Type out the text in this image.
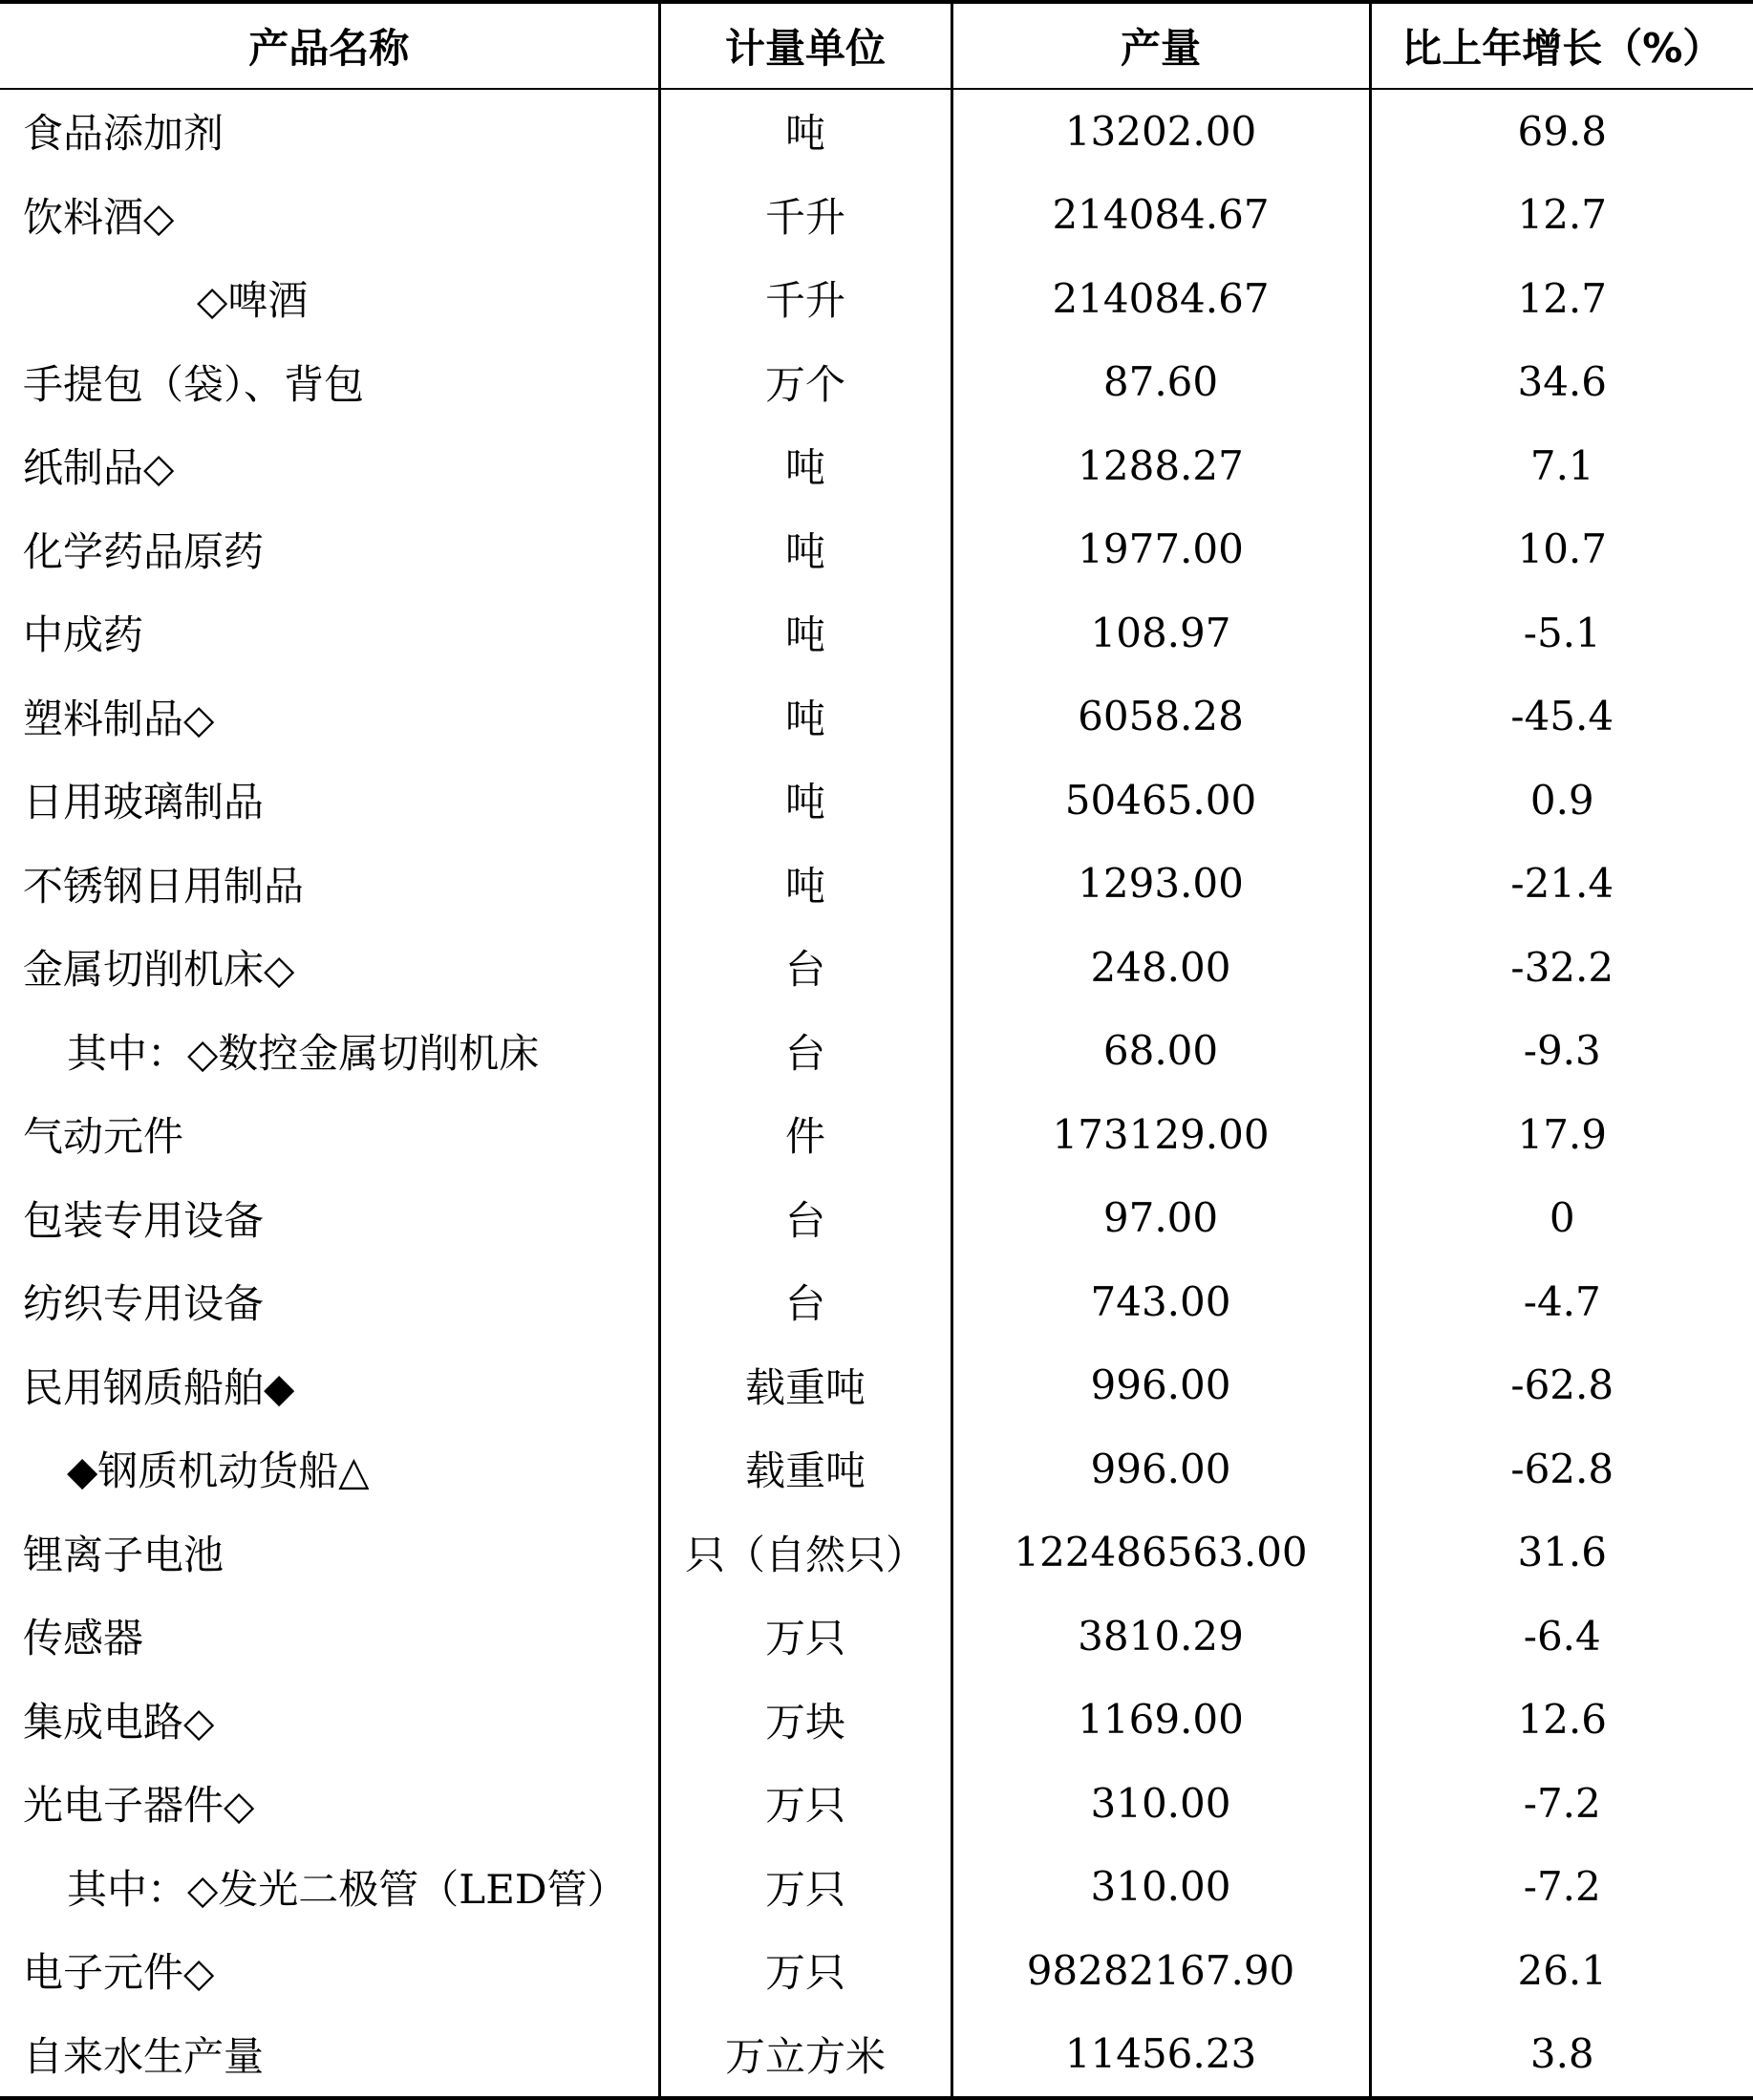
产品名称	计量单位	产量	比上年增长（%）
食品添加剂	吨	13202.00	69.8
饮料酒◇	千升	214084.67	12.7
◇啤酒	千升	214084.67	12.7
手提包（袋）、背包	万个	87.60	34.6
纸制品◇	吨	1288.27	7.1
化学药品原药	吨	1977.00	10.7
中成药	吨	108.97	-5.1
塑料制品◇	吨	6058.28	-45.4
日用玻璃制品	吨	50465.00	0.9
不锈钢日用制品	吨	1293.00	-21.4
金属切削机床◇	台	248.00	-32.2
其中：◇数控金属切削机床	台	68.00	-9.3
气动元件	件	173129.00	17.9
包装专用设备	台	97.00	0
纺织专用设备	台	743.00	-4.7
民用钢质船舶◆	载重吨	996.00	-62.8
◆钢质机动货船△	载重吨	996.00	-62.8
锂离子电池	只（自然只）	122486563.00	31.6
传感器	万只	3810.29	-6.4
集成电路◇	万块	1169.00	12.6
光电子器件◇	万只	310.00	-7.2
其中：◇发光二极管（LED管）	万只	310.00	-7.2
电子元件◇	万只	98282167.90	26.1
自来水生产量	万立方米	11456.23	3.8
